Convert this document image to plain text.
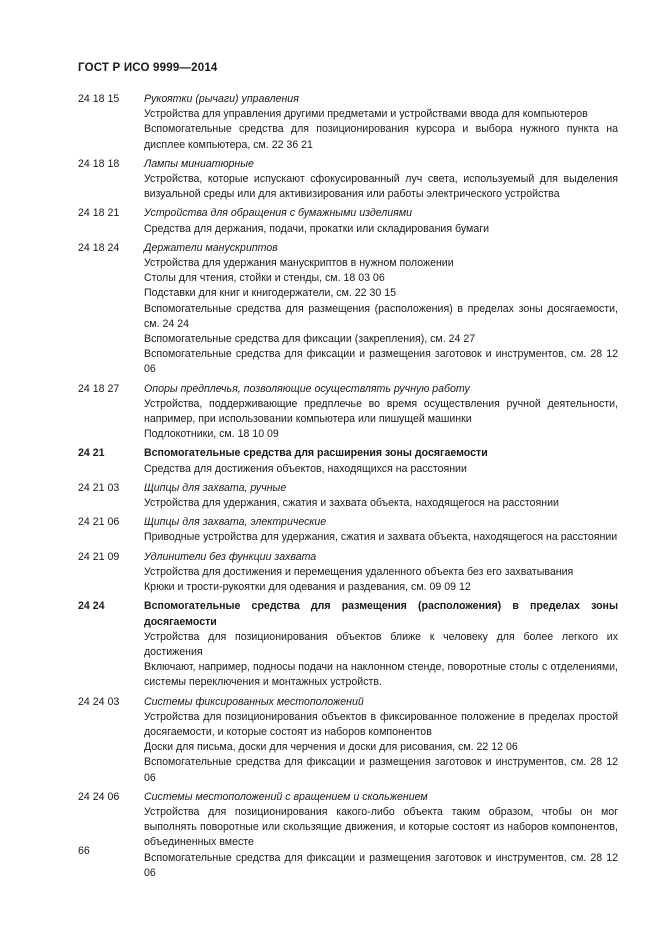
ГОСТ Р ИСО 9999—2014
24 18 15	Рукоятки (рычаги) управления
Устройства для управления другими предметами и устройствами ввода для компьютеров
Вспомогательные средства для позиционирования курсора и выбора нужного пункта на дисплее компьютера, см. 22 36 21
24 18 18	Лампы миниатюрные
Устройства, которые испускают сфокусированный луч света, используемый для выделения визуальной среды или для активизирования или работы электрического устройства
24 18 21	Устройства для обращения с бумажными изделиями
Средства для держания, подачи, прокатки или складирования бумаги
24 18 24	Держатели манускриптов
Устройства для удержания манускриптов в нужном положении
Столы для чтения, стойки и стенды, см. 18 03 06
Подставки для книг и книгодержатели, см. 22 30 15
Вспомогательные средства для размещения (расположения) в пределах зоны досягаемости, см. 24 24
Вспомогательные средства для фиксации (закрепления), см. 24 27
Вспомогательные средства для фиксации и размещения заготовок и инструментов, см. 28 12 06
24 18 27	Опоры предплечья, позволяющие осуществлять ручную работу
Устройства, поддерживающие предплечье во время осуществления ручной деятельности, например, при использовании компьютера или пишущей машинки
Подлокотники, см. 18 10 09
24 21	Вспомогательные средства для расширения зоны досягаемости
Средства для достижения объектов, находящихся на расстоянии
24 21 03	Щипцы для захвата, ручные
Устройства для удержания, сжатия и захвата объекта, находящегося на расстоянии
24 21 06	Щипцы для захвата, электрические
Приводные устройства для удержания, сжатия и захвата объекта, находящегося на расстоянии
24 21 09	Удлинители без функции захвата
Устройства для достижения и перемещения удаленного объекта без его захватывания
Крюки и трости-рукоятки для одевания и раздевания, см. 09 09 12
24 24	Вспомогательные средства для размещения (расположения) в пределах зоны досягаемости
Устройства для позиционирования объектов ближе к человеку для более легкого их достижения
Включают, например, подносы подачи на наклонном стенде, поворотные столы с отделениями, системы переключения и монтажных устройств.
24 24 03	Системы фиксированных местоположений
Устройства для позиционирования объектов в фиксированное положение в пределах простой досягаемости, и которые состоят из наборов компонентов
Доски для письма, доски для черчения и доски для рисования, см. 22 12 06
Вспомогательные средства для фиксации и размещения заготовок и инструментов, см. 28 12 06
24 24 06	Системы местоположений с вращением и скольжением
Устройства для позиционирования какого-либо объекта таким образом, чтобы он мог выполнять поворотные или скользящие движения, и которые состоят из наборов компонентов, объединенных вместе
Вспомогательные средства для фиксации и размещения заготовок и инструментов, см. 28 12 06
66
